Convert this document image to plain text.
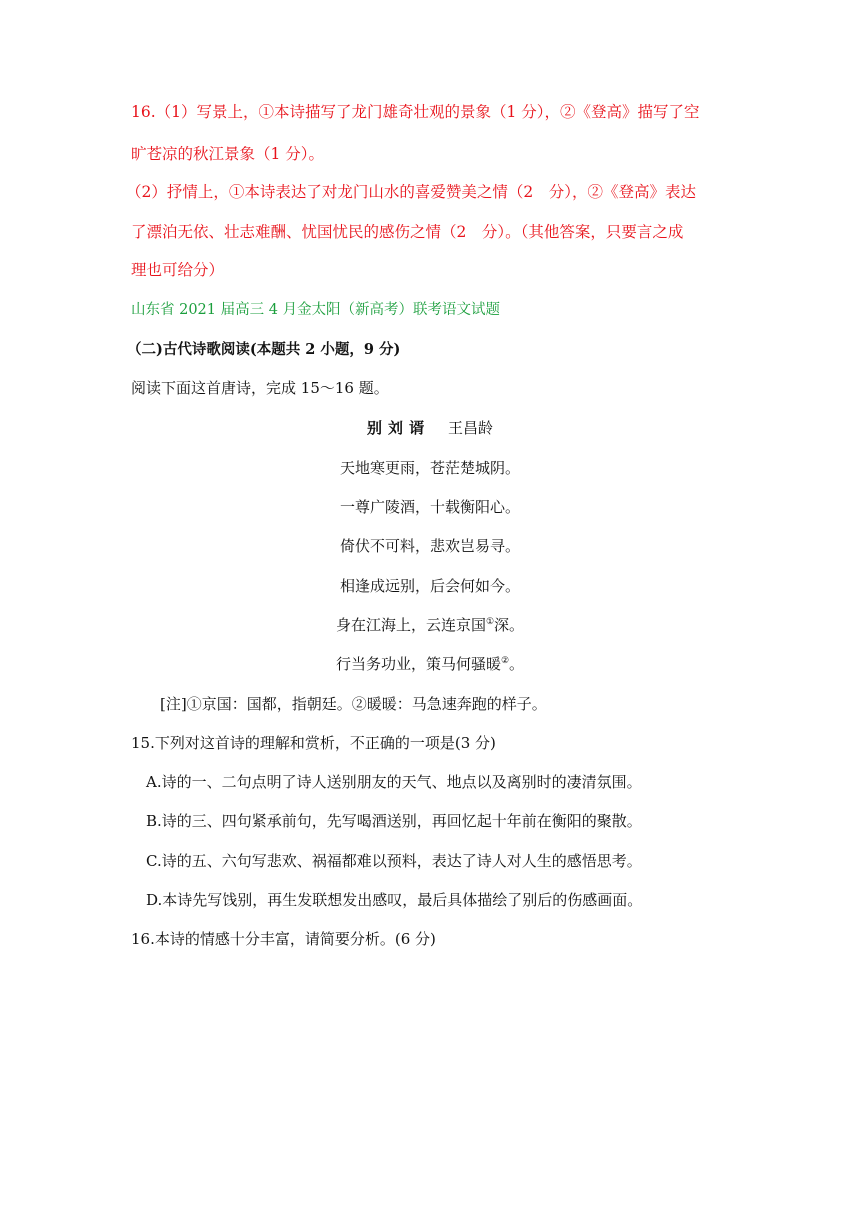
16.（1）写景上，①本诗描写了龙门雄奇壮观的景象（1 分），②《登高》描写了空
旷苍凉的秋江景象（1 分）。
（2）抒情上，①本诗表达了对龙门山水的喜爱赞美之情（2　分），②《登高》表达
了漂泊无依、壮志难酬、忧国忧民的感伤之情（2　分）。（其他答案，只要言之成
理也可给分）
山东省 2021 届高三 4 月金太阳（新高考）联考语文试题
（二)古代诗歌阅读(本题共 2 小题，9 分)
阅读下面这首唐诗，完成 15～16 题。
别刘谞 王昌龄
天地寒更雨，苍茫楚城阴。
一尊广陵酒，十载衡阳心。
倚伏不可料，悲欢岂易寻。
相逢成远别，后会何如今。
身在江海上，云连京国①深。
行当务功业，策马何骚暖②。
[注]①京国：国都，指朝廷。②暖暖：马急速奔跑的样子。
15.下列对这首诗的理解和赏析，不正确的一项是(3 分)
A.诗的一、二句点明了诗人送别朋友的天气、地点以及离别时的凄清氛围。
B.诗的三、四句紧承前句，先写喝酒送别，再回忆起十年前在衡阳的聚散。
C.诗的五、六句写悲欢、祸福都难以预料，表达了诗人对人生的感悟思考。
D.本诗先写饯别，再生发联想发出感叹，最后具体描绘了别后的伤感画面。
16.本诗的情感十分丰富，请简要分析。(6 分)
